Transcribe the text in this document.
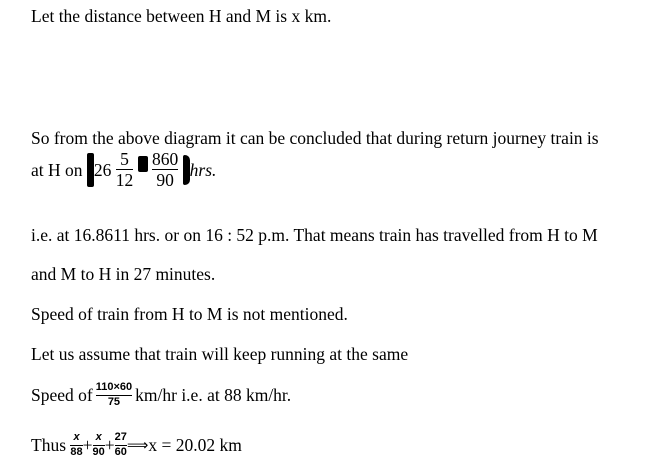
Let the distance between H and M is x km.
So from the above diagram it can be concluded that during return journey train is
at H on $26 \frac{5}{12}$
$\frac{860}{90}$ hrs.
i.e. at 16.8611 hrs. or on 16 : 52 p.m. That means train has travelled from H to M
and M to H in 27 minutes.
Speed of train from H to M is not mentioned.
Let us assume that train will keep running at the same
Speed of $\frac{110\times 60}{75} km/hr$ i.e. at 88 km/hr.
Thus $\frac{x}{88} + \frac{x}{90} + \frac{27}{60}$ ⟹x = 20.02 km
